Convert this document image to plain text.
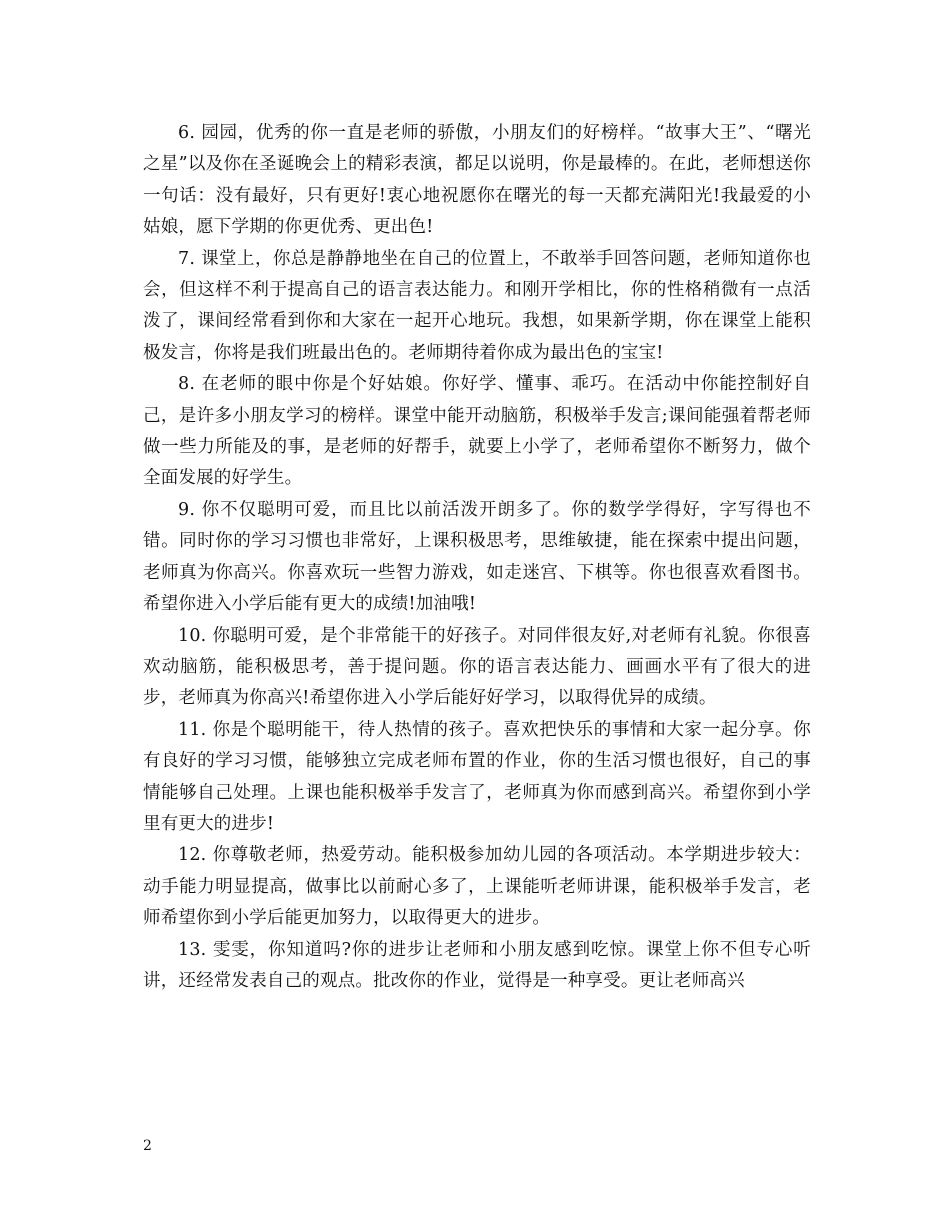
6. 园园，优秀的你一直是老师的骄傲，小朋友们的好榜样。“故事大王”、“曙光之星”以及你在圣诞晚会上的精彩表演，都足以说明，你是最棒的。在此，老师想送你一句话：没有最好，只有更好!衷心地祝愿你在曙光的每一天都充满阳光!我最爱的小姑娘，愿下学期的你更优秀、更出色!

7. 课堂上，你总是静静地坐在自己的位置上，不敢举手回答问题，老师知道你也会，但这样不利于提高自己的语言表达能力。和刚开学相比，你的性格稍微有一点活泼了，课间经常看到你和大家在一起开心地玩。我想，如果新学期，你在课堂上能积极发言，你将是我们班最出色的。老师期待着你成为最出色的宝宝!

8. 在老师的眼中你是个好姑娘。你好学、懂事、乖巧。在活动中你能控制好自己，是许多小朋友学习的榜样。课堂中能开动脑筋，积极举手发言;课间能强着帮老师做一些力所能及的事，是老师的好帮手，就要上小学了，老师希望你不断努力，做个全面发展的好学生。

9. 你不仅聪明可爱，而且比以前活泼开朗多了。你的数学学得好，字写得也不错。同时你的学习习惯也非常好，上课积极思考，思维敏捷，能在探索中提出问题，老师真为你高兴。你喜欢玩一些智力游戏，如走迷宫、下棋等。你也很喜欢看图书。希望你进入小学后能有更大的成绩!加油哦!

10. 你聪明可爱，是个非常能干的好孩子。对同伴很友好,对老师有礼貌。你很喜欢动脑筋，能积极思考，善于提问题。你的语言表达能力、画画水平有了很大的进步，老师真为你高兴!希望你进入小学后能好好学习，以取得优异的成绩。

11. 你是个聪明能干，待人热情的孩子。喜欢把快乐的事情和大家一起分享。你有良好的学习习惯，能够独立完成老师布置的作业，你的生活习惯也很好，自己的事情能够自己处理。上课也能积极举手发言了，老师真为你而感到高兴。希望你到小学里有更大的进步!

12. 你尊敬老师，热爱劳动。能积极参加幼儿园的各项活动。本学期进步较大：动手能力明显提高，做事比以前耐心多了，上课能听老师讲课，能积极举手发言，老师希望你到小学后能更加努力，以取得更大的进步。

13. 雯雯，你知道吗?你的进步让老师和小朋友感到吃惊。课堂上你不但专心听讲，还经常发表自己的观点。批改你的作业，觉得是一种享受。更让老师高兴

2
